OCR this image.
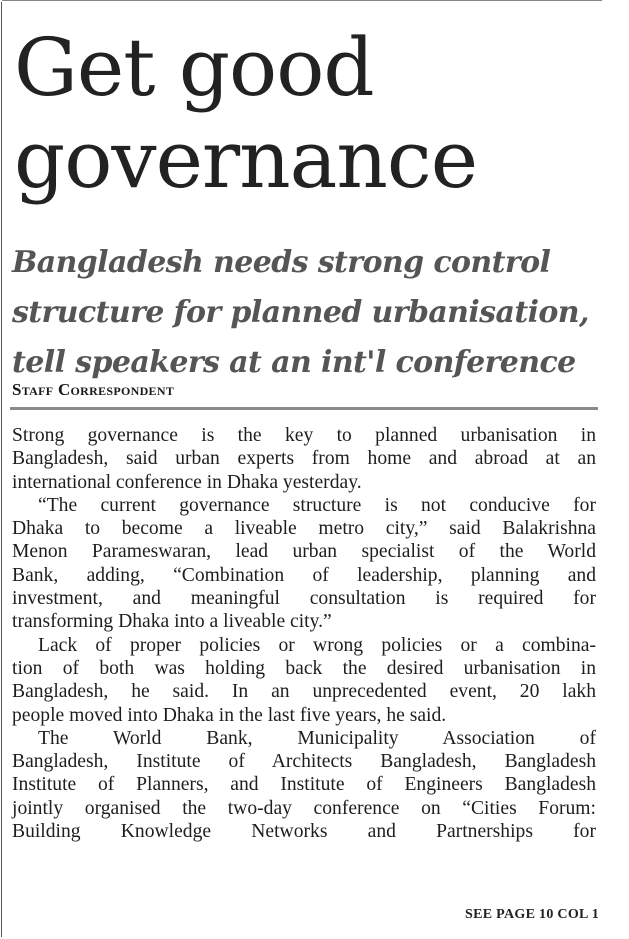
Get good
governance
Bangladesh needs strong control
structure for planned urbanisation,
tell speakers at an int'l conference
Staff Correspondent
Strong governance is the key to planned urbanisation in
Bangladesh, said urban experts from home and abroad at an
international conference in Dhaka yesterday.
“The current governance structure is not conducive for
Dhaka to become a liveable metro city,” said Balakrishna
Menon Parameswaran, lead urban specialist of the World
Bank, adding, “Combination of leadership, planning and
investment, and meaningful consultation is required for
transforming Dhaka into a liveable city.”
Lack of proper policies or wrong policies or a combina-
tion of both was holding back the desired urbanisation in
Bangladesh, he said. In an unprecedented event, 20 lakh
people moved into Dhaka in the last five years, he said.
The World Bank, Municipality Association of
Bangladesh, Institute of Architects Bangladesh, Bangladesh
Institute of Planners, and Institute of Engineers Bangladesh
jointly organised the two-day conference on “Cities Forum:
Building Knowledge Networks and Partnerships for
SEE PAGE 10 COL 1
